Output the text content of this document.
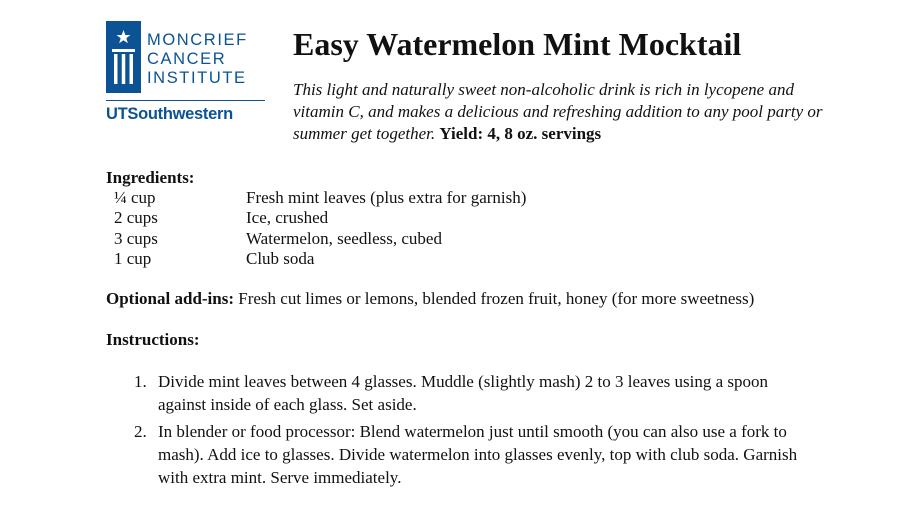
MONCRIEF
CANCER
INSTITUTE
UTSouthwestern
Easy Watermelon Mint Mocktail
This light and naturally sweet non-alcoholic drink is rich in lycopene and vitamin C, and makes a delicious and refreshing addition to any pool party or summer get together. Yield: 4, 8 oz. servings
Ingredients:
¼ cup	Fresh mint leaves (plus extra for garnish)
2 cups	Ice, crushed
3 cups	Watermelon, seedless, cubed
1 cup	Club soda
Optional add-ins: Fresh cut limes or lemons, blended frozen fruit, honey (for more sweetness)
Instructions:
1. Divide mint leaves between 4 glasses. Muddle (slightly mash) 2 to 3 leaves using a spoon against inside of each glass. Set aside.
2. In blender or food processor: Blend watermelon just until smooth (you can also use a fork to mash). Add ice to glasses. Divide watermelon into glasses evenly, top with club soda. Garnish with extra mint. Serve immediately.
